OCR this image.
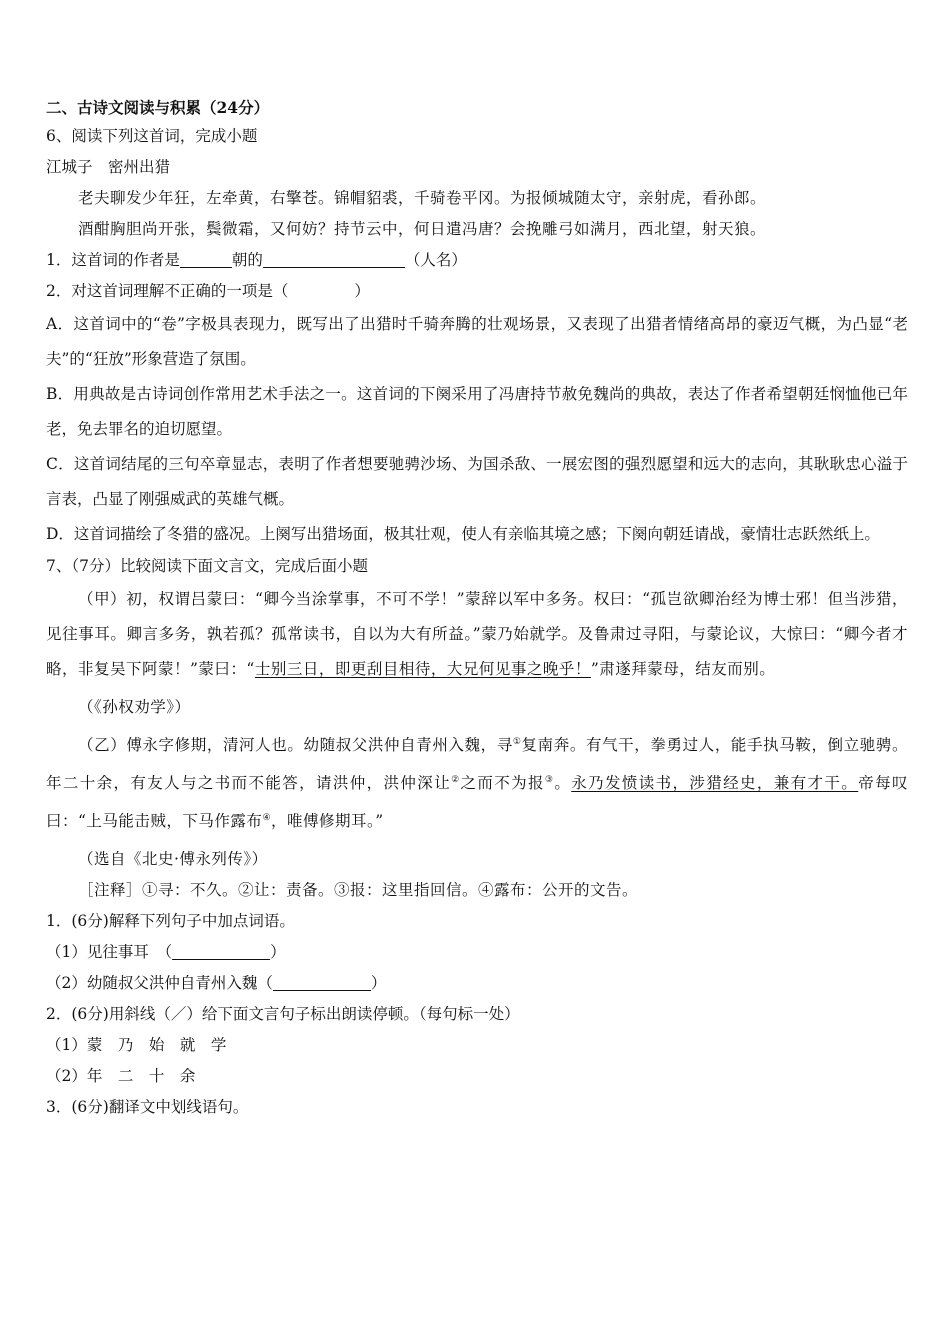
二、古诗文阅读与积累（24分）

6、阅读下列这首词，完成小题

江城子　密州出猎

老夫聊发少年狂，左牵黄，右擎苍。锦帽貂裘，千骑卷平冈。为报倾城随太守，亲射虎，看孙郎。

酒酣胸胆尚开张，鬓微霜，又何妨？持节云中，何日遣冯唐？会挽雕弓如满月，西北望，射天狼。

1．这首词的作者是	朝的	（人名）

2．对这首词理解不正确的一项是（	）

A．这首词中的“卷”字极具表现力，既写出了出猎时千骑奔腾的壮观场景，又表现了出猎者情绪高昂的豪迈气概，为凸显“老夫”的“狂放”形象营造了氛围。

B．用典故是古诗词创作常用艺术手法之一。这首词的下阕采用了冯唐持节赦免魏尚的典故，表达了作者希望朝廷悯恤他已年老，免去罪名的迫切愿望。

C．这首词结尾的三句卒章显志，表明了作者想要驰骋沙场、为国杀敌、一展宏图的强烈愿望和远大的志向，其耿耿忠心溢于言表，凸显了刚强威武的英雄气概。

D．这首词描绘了冬猎的盛况。上阕写出猎场面，极其壮观，使人有亲临其境之感；下阕向朝廷请战，豪情壮志跃然纸上。

7、（7分）比较阅读下面文言文，完成后面小题

（甲）初，权谓吕蒙曰：“卿今当涂掌事，不可不学！”蒙辞以军中多务。权曰：“孤岂欲卿治经为博士邪！但当涉猎，见往事耳。卿言多务，孰若孤？孤常读书，自以为大有所益。”蒙乃始就学。及鲁肃过寻阳，与蒙论议，大惊曰：“卿今者才略，非复吴下阿蒙！”蒙曰：“士别三日，即更刮目相待，大兄何见事之晚乎！”肃遂拜蒙母，结友而别。

（《孙权劝学》）

（乙）傅永字修期，清河人也。幼随叔父洪仲自青州入魏，寻①复南奔。有气干，拳勇过人，能手执马鞍，倒立驰骋。年二十余，有友人与之书而不能答，请洪仲，洪仲深让②之而不为报③。永乃发愤读书，涉猎经史，兼有才干。帝每叹曰：“上马能击贼，下马作露布④，唯傅修期耳。”

（选自《北史·傅永列传》）

［注释］①寻：不久。②让：责备。③报：这里指回信。④露布：公开的文告。

1．(6分)解释下列句子中加点词语。

（1）见往事耳　（	）

（2）幼随叔父洪仲自青州入魏（	）

2．(6分)用斜线（／）给下面文言句子标出朗读停顿。（每句标一处）

（1）蒙　乃　始　就　学

（2）年　二　十　余

3．(6分)翻译文中划线语句。
